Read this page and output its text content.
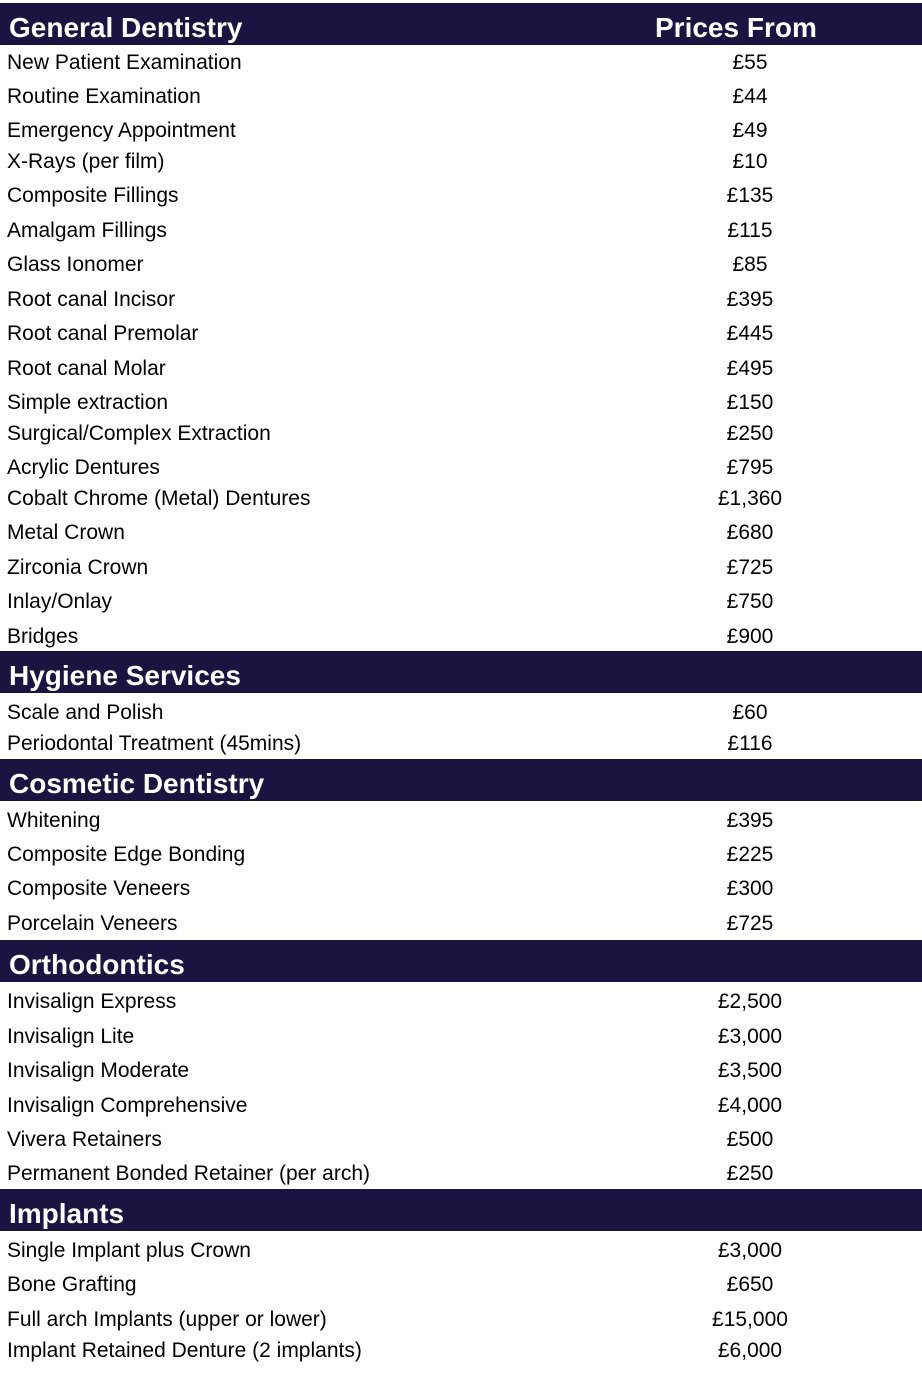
General Dentistry	Prices From
New Patient Examination	£55
Routine Examination	£44
Emergency Appointment	£49
X-Rays (per film)	£10
Composite Fillings	£135
Amalgam Fillings	£115
Glass Ionomer	£85
Root canal Incisor	£395
Root canal Premolar	£445
Root canal Molar	£495
Simple extraction	£150
Surgical/Complex Extraction	£250
Acrylic Dentures	£795
Cobalt Chrome (Metal) Dentures	£1,360
Metal Crown	£680
Zirconia Crown	£725
Inlay/Onlay	£750
Bridges	£900
Hygiene Services
Scale and Polish	£60
Periodontal Treatment (45mins)	£116
Cosmetic Dentistry
Whitening	£395
Composite Edge Bonding	£225
Composite Veneers	£300
Porcelain Veneers	£725
Orthodontics
Invisalign Express	£2,500
Invisalign Lite	£3,000
Invisalign Moderate	£3,500
Invisalign Comprehensive	£4,000
Vivera Retainers	£500
Permanent Bonded Retainer (per arch)	£250
Implants
Single Implant plus Crown	£3,000
Bone Grafting	£650
Full arch Implants (upper or lower)	£15,000
Implant Retained Denture (2 implants)	£6,000
